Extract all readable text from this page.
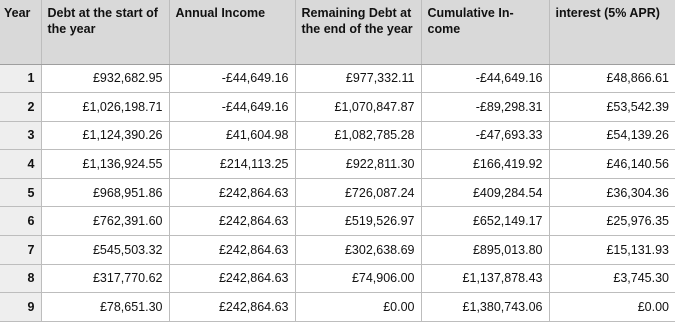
Year	Debt at the start of the year	Annual Income	Remaining Debt at the end of the year	Cumulative In-come	interest (5% APR)
1	£932,682.95	-£44,649.16	£977,332.11	-£44,649.16	£48,866.61
2	£1,026,198.71	-£44,649.16	£1,070,847.87	-£89,298.31	£53,542.39
3	£1,124,390.26	£41,604.98	£1,082,785.28	-£47,693.33	£54,139.26
4	£1,136,924.55	£214,113.25	£922,811.30	£166,419.92	£46,140.56
5	£968,951.86	£242,864.63	£726,087.24	£409,284.54	£36,304.36
6	£762,391.60	£242,864.63	£519,526.97	£652,149.17	£25,976.35
7	£545,503.32	£242,864.63	£302,638.69	£895,013.80	£15,131.93
8	£317,770.62	£242,864.63	£74,906.00	£1,137,878.43	£3,745.30
9	£78,651.30	£242,864.63	£0.00	£1,380,743.06	£0.00
